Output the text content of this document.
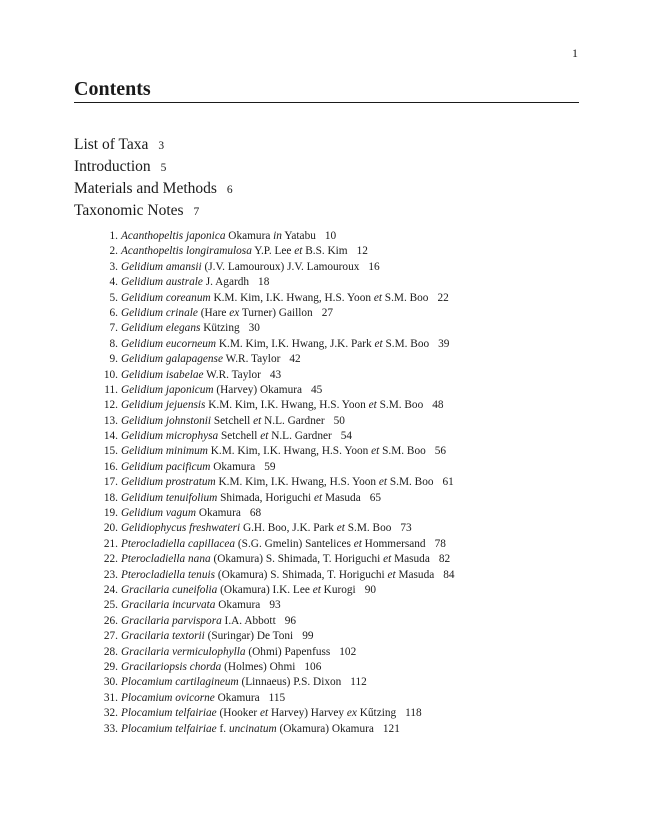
1
Contents
List of Taxa 3
Introduction 5
Materials and Methods 6
Taxonomic Notes 7
1. Acanthopeltis japonica Okamura in Yatabu 10
2. Acanthopeltis longiramulosa Y.P. Lee et B.S. Kim 12
3. Gelidium amansii (J.V. Lamouroux) J.V. Lamouroux 16
4. Gelidium australe J. Agardh 18
5. Gelidium coreanum K.M. Kim, I.K. Hwang, H.S. Yoon et S.M. Boo 22
6. Gelidium crinale (Hare ex Turner) Gaillon 27
7. Gelidium elegans Kützing 30
8. Gelidium eucorneum K.M. Kim, I.K. Hwang, J.K. Park et S.M. Boo 39
9. Gelidium galapagense W.R. Taylor 42
10. Gelidium isabelae W.R. Taylor 43
11. Gelidium japonicum (Harvey) Okamura 45
12. Gelidium jejuensis K.M. Kim, I.K. Hwang, H.S. Yoon et S.M. Boo 48
13. Gelidium johnstonii Setchell et N.L. Gardner 50
14. Gelidium microphysa Setchell et N.L. Gardner 54
15. Gelidium minimum K.M. Kim, I.K. Hwang, H.S. Yoon et S.M. Boo 56
16. Gelidium pacificum Okamura 59
17. Gelidium prostratum K.M. Kim, I.K. Hwang, H.S. Yoon et S.M. Boo 61
18. Gelidium tenuifolium Shimada, Horiguchi et Masuda 65
19. Gelidium vagum Okamura 68
20. Gelidiophycus freshwateri G.H. Boo, J.K. Park et S.M. Boo 73
21. Pterocladiella capillacea (S.G. Gmelin) Santelices et Hommersand 78
22. Pterocladiella nana (Okamura) S. Shimada, T. Horiguchi et Masuda 82
23. Pterocladiella tenuis (Okamura) S. Shimada, T. Horiguchi et Masuda 84
24. Gracilaria cuneifolia (Okamura) I.K. Lee et Kurogi 90
25. Gracilaria incurvata Okamura 93
26. Gracilaria parvispora I.A. Abbott 96
27. Gracilaria textorii (Suringar) De Toni 99
28. Gracilaria vermiculophylla (Ohmi) Papenfuss 102
29. Gracilariopsis chorda (Holmes) Ohmi 106
30. Plocamium cartilagineum (Linnaeus) P.S. Dixon 112
31. Plocamium ovicorne Okamura 115
32. Plocamium telfairiae (Hooker et Harvey) Harvey ex Kűtzing 118
33. Plocamium telfairiae f. uncinatum (Okamura) Okamura 121
